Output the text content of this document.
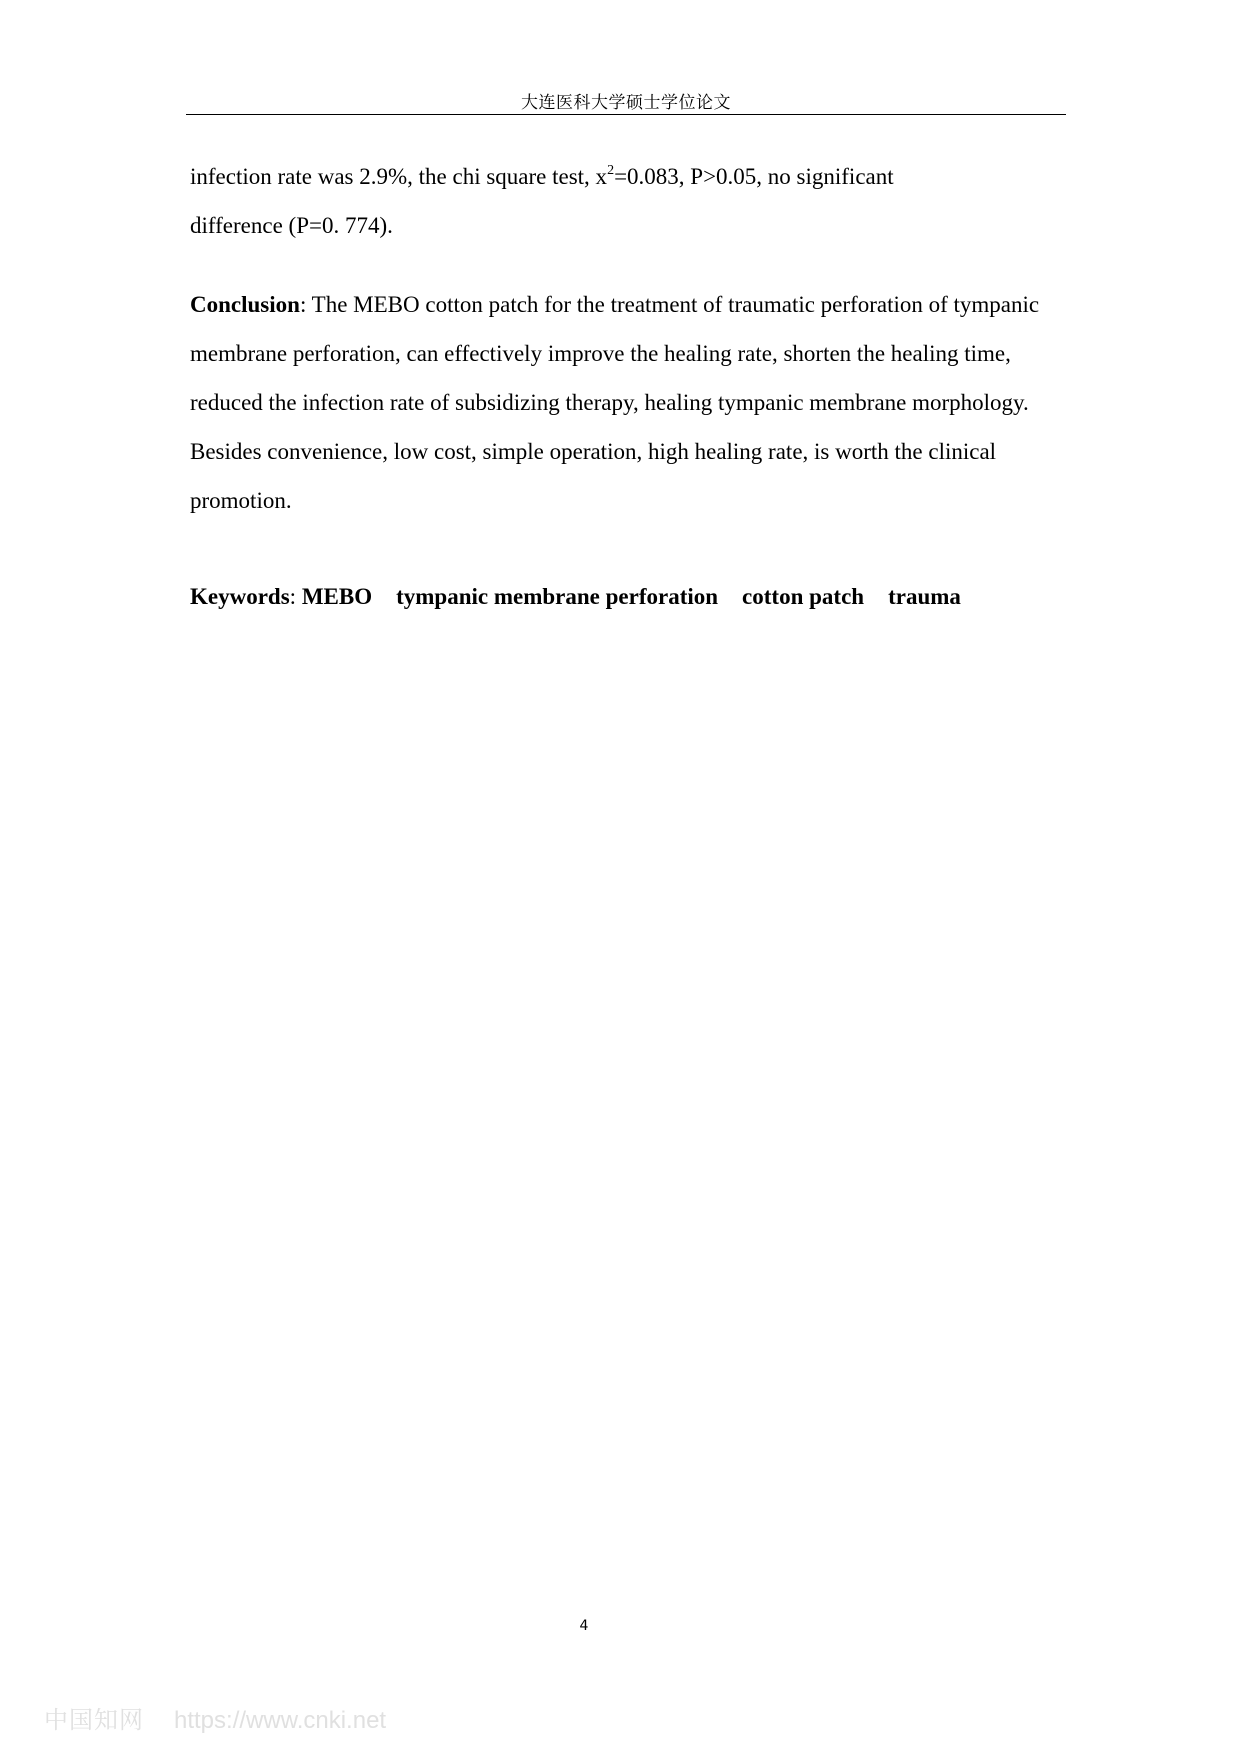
大连医科大学硕士学位论文
infection rate was 2.9%, the chi square test, $x^2=0.083$, P>0.05, no significant
difference (P=0. 774).
Conclusion: The MEBO cotton patch for the treatment of traumatic perforation of tympanic membrane perforation, can effectively improve the healing rate, shorten the healing time, reduced the infection rate of subsidizing therapy, healing tympanic membrane morphology. Besides convenience, low cost, simple operation, high healing rate, is worth the clinical promotion.
Keywords: MEBO tympanic membrane perforation cotton patch trauma
4
中国知网 https://www.cnki.net
